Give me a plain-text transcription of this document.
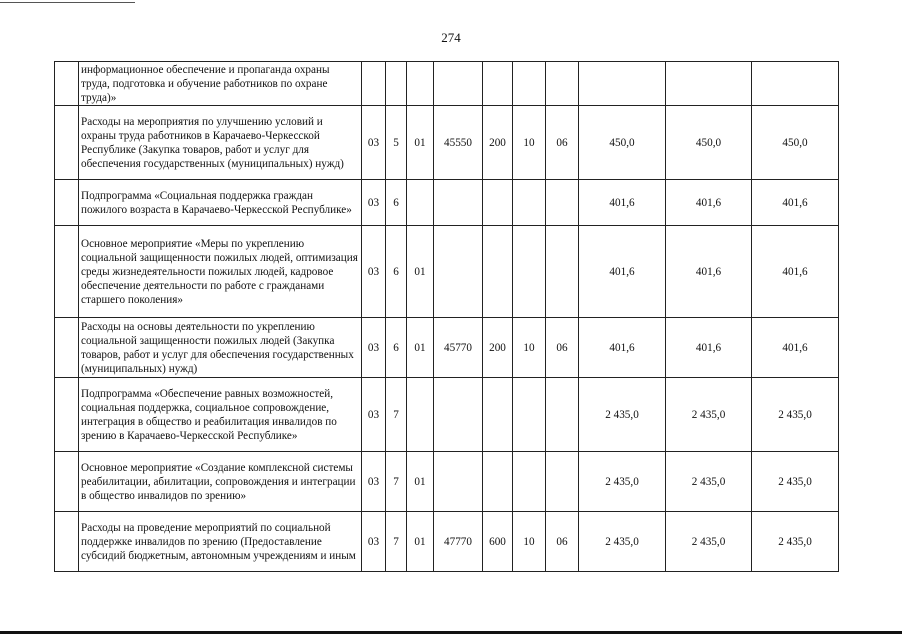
274
	информационное обеспечение и пропаганда охраны труда, подготовка и обучение работников по охране труда)»										
	Расходы на мероприятия по улучшению условий и охраны труда работников в Карачаево-Черкесской Республике (Закупка товаров, работ и услуг для обеспечения государственных (муниципальных) нужд)	03	5	01	45550	200	10	06	450,0	450,0	450,0
	Подпрограмма «Социальная поддержка граждан пожилого возраста в Карачаево-Черкесской Республике»	03	6						401,6	401,6	401,6
	Основное мероприятие «Меры по укреплению социальной защищенности пожилых людей, оптимизация среды жизнедеятельности пожилых людей, кадровое обеспечение деятельности по работе с гражданами старшего поколения»	03	6	01					401,6	401,6	401,6
	Расходы на основы деятельности по укреплению социальной защищенности пожилых людей (Закупка товаров, работ и услуг для обеспечения государственных (муниципальных) нужд)	03	6	01	45770	200	10	06	401,6	401,6	401,6
	Подпрограмма «Обеспечение равных возможностей, социальная поддержка, социальное сопровождение, интеграция в общество и реабилитация инвалидов по зрению в Карачаево-Черкесской Республике»	03	7						2 435,0	2 435,0	2 435,0
	Основное мероприятие «Создание комплексной системы реабилитации, абилитации, сопровождения и интеграции в общество инвалидов по зрению»	03	7	01					2 435,0	2 435,0	2 435,0
	Расходы на проведение мероприятий по социальной поддержке инвалидов по зрению (Предоставление субсидий бюджетным, автономным учреждениям и иным	03	7	01	47770	600	10	06	2 435,0	2 435,0	2 435,0
